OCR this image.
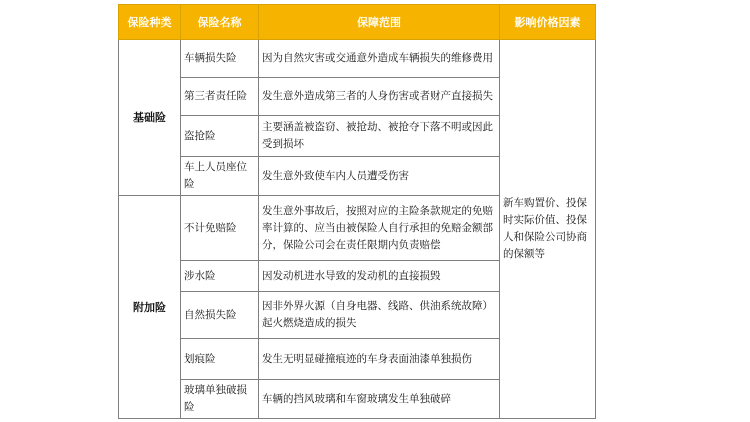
保险种类	保险名称	保障范围	影响价格因素
基础险	车辆损失险	因为自然灾害或交通意外造成车辆损失的维修费用	新车购置价、投保时实际价值、投保人和保险公司协商的保额等
	第三者责任险	发生意外造成第三者的人身伤害或者财产直接损失	
	盗抢险	主要涵盖被盗窃、被抢劫、被抢夺下落不明或因此受到损坏	
	车上人员座位险	发生意外致使车内人员遭受伤害	
附加险	不计免赔险	发生意外事故后，按照对应的主险条款规定的免赔率计算的、应当由被保险人自行承担的免赔金额部分，保险公司会在责任限期内负责赔偿	
	涉水险	因发动机进水导致的发动机的直接损毁	
	自然损失险	因非外界火源（自身电器、线路、供油系统故障）起火燃烧造成的损失	
	划痕险	发生无明显碰撞痕迹的车身表面油漆单独损伤	
	玻璃单独破损险	车辆的挡风玻璃和车窗玻璃发生单独破碎	
